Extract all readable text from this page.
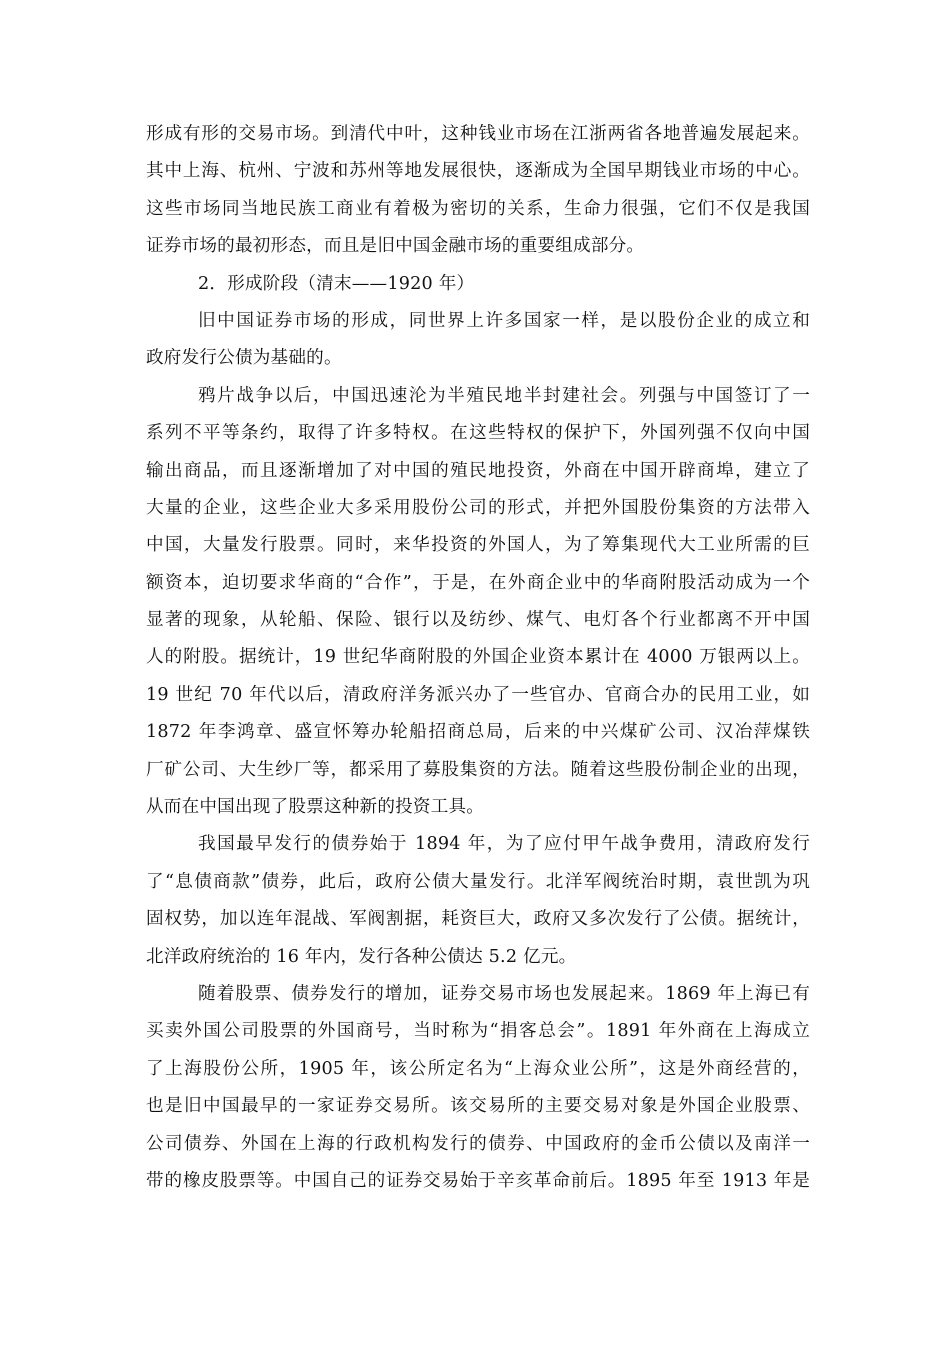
形成有形的交易市场。到清代中叶，这种钱业市场在江浙两省各地普遍发展起来。
其中上海、杭州、宁波和苏州等地发展很快，逐渐成为全国早期钱业市场的中心。
这些市场同当地民族工商业有着极为密切的关系，生命力很强，它们不仅是我国
证券市场的最初形态，而且是旧中国金融市场的重要组成部分。
2．形成阶段（清末——1920 年）
旧中国证券市场的形成，同世界上许多国家一样，是以股份企业的成立和
政府发行公债为基础的。
鸦片战争以后，中国迅速沦为半殖民地半封建社会。列强与中国签订了一
系列不平等条约，取得了许多特权。在这些特权的保护下，外国列强不仅向中国
输出商品，而且逐渐增加了对中国的殖民地投资，外商在中国开辟商埠，建立了
大量的企业，这些企业大多采用股份公司的形式，并把外国股份集资的方法带入
中国，大量发行股票。同时，来华投资的外国人，为了筹集现代大工业所需的巨
额资本，迫切要求华商的“合作”，于是，在外商企业中的华商附股活动成为一个
显著的现象，从轮船、保险、银行以及纺纱、煤气、电灯各个行业都离不开中国
人的附股。据统计，19 世纪华商附股的外国企业资本累计在 4000 万银两以上。
19 世纪 70 年代以后，清政府洋务派兴办了一些官办、官商合办的民用工业，如
1872 年李鸿章、盛宣怀筹办轮船招商总局，后来的中兴煤矿公司、汉冶萍煤铁
厂矿公司、大生纱厂等，都采用了募股集资的方法。随着这些股份制企业的出现，
从而在中国出现了股票这种新的投资工具。
我国最早发行的债券始于 1894 年，为了应付甲午战争费用，清政府发行
了“息债商款”债券，此后，政府公债大量发行。北洋军阀统治时期，袁世凯为巩
固权势，加以连年混战、军阀割据，耗资巨大，政府又多次发行了公债。据统计，
北洋政府统治的 16 年内，发行各种公债达 5.2 亿元。
随着股票、债券发行的增加，证券交易市场也发展起来。1869 年上海已有
买卖外国公司股票的外国商号，当时称为“捐客总会”。1891 年外商在上海成立
了上海股份公所，1905 年，该公所定名为“上海众业公所”，这是外商经营的，
也是旧中国最早的一家证券交易所。该交易所的主要交易对象是外国企业股票、
公司债券、外国在上海的行政机构发行的债券、中国政府的金币公债以及南洋一
带的橡皮股票等。中国自己的证券交易始于辛亥革命前后。1895 年至 1913 年是
